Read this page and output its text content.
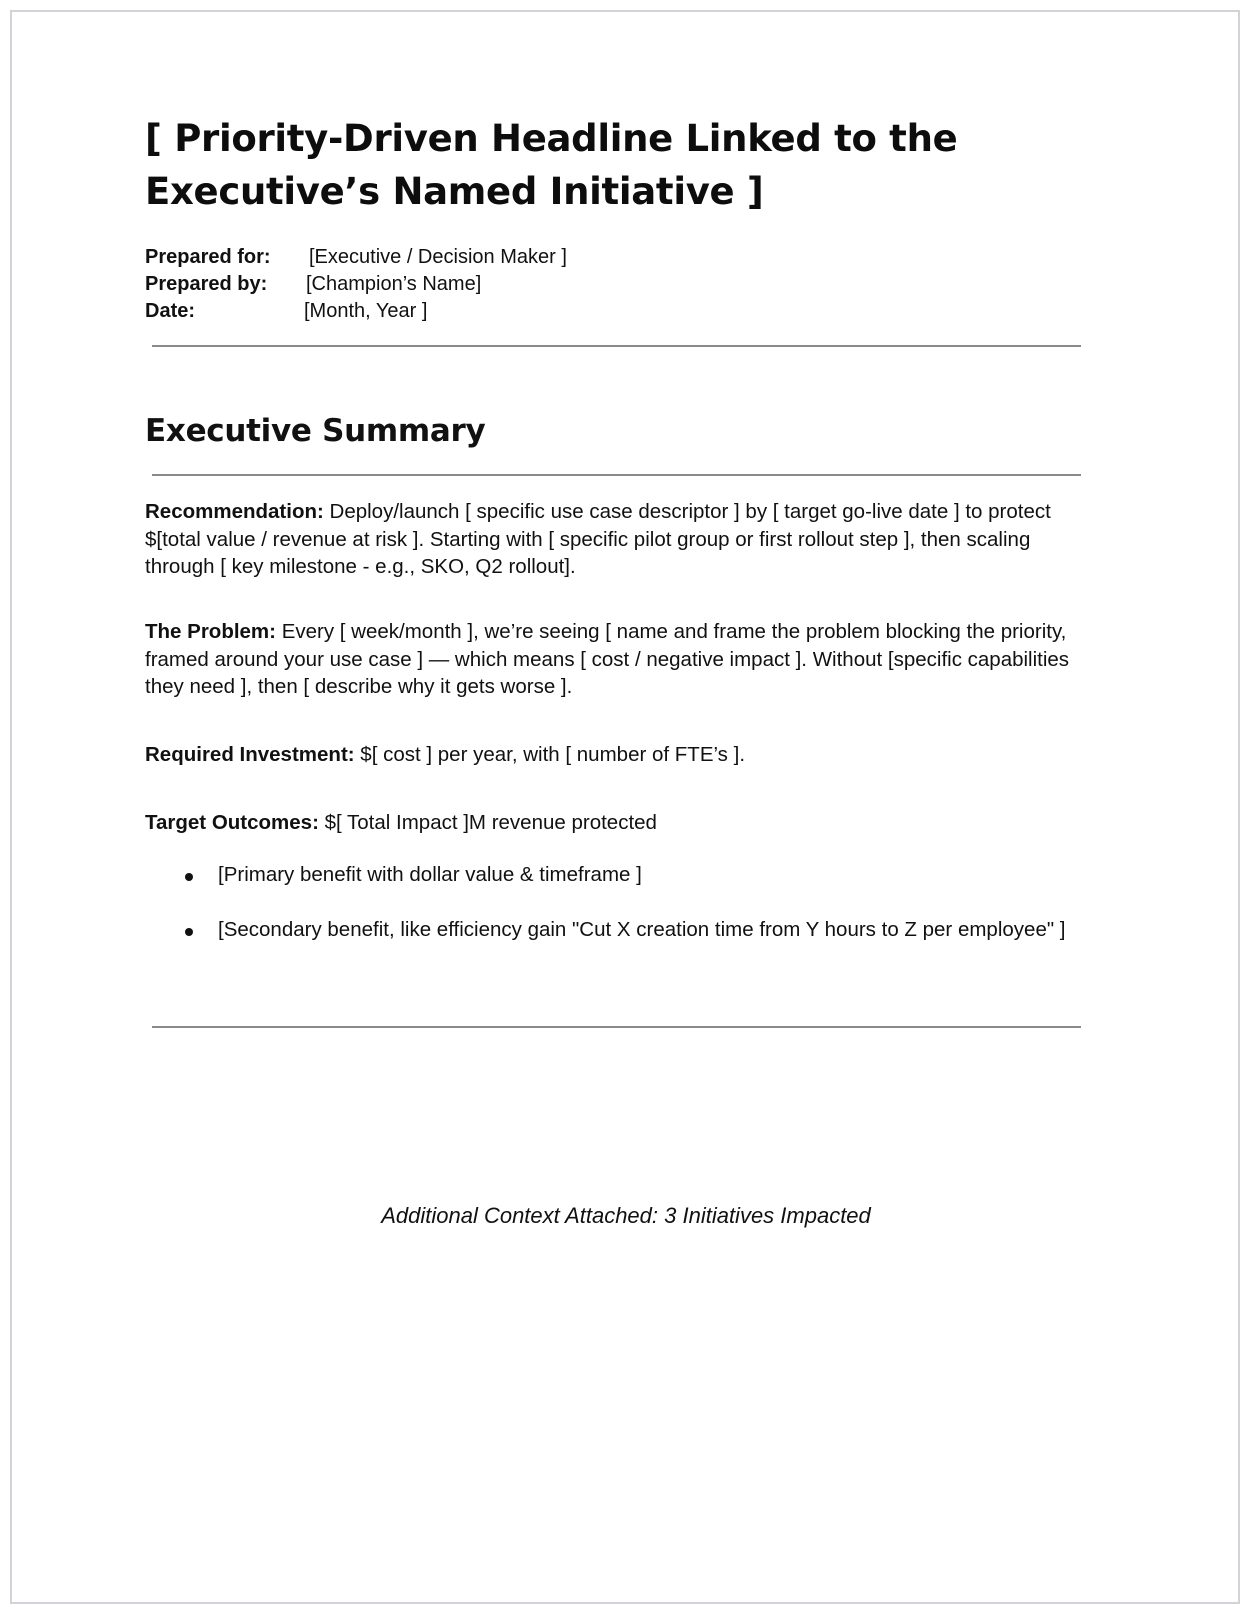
[ Priority-Driven Headline Linked to the Executive’s Named Initiative ]
Prepared for: [Executive / Decision Maker ]
Prepared by: [Champion’s Name]
Date:	[Month, Year ]
Executive Summary

Recommendation: Deploy/launch [ specific use case descriptor ] by [ target go-live date ] to protect $[total value / revenue at risk ]. Starting with [ specific pilot group or first rollout step ], then scaling through [ key milestone - e.g., SKO, Q2 rollout].

The Problem: Every [ week/month ], we’re seeing [ name and frame the problem blocking the priority, framed around your use case ] — which means [ cost / negative impact ]. Without [specific capabilities they need ], then [ describe why it gets worse ].

Required Investment: $[ cost ] per year, with [ number of FTE’s ].

Target Outcomes: $[ Total Impact ]M revenue protected

[Primary benefit with dollar value & timeframe ]
[Secondary benefit, like efficiency gain "Cut X creation time from Y hours to Z per employee" ]
Additional Context Attached: 3 Initiatives Impacted
